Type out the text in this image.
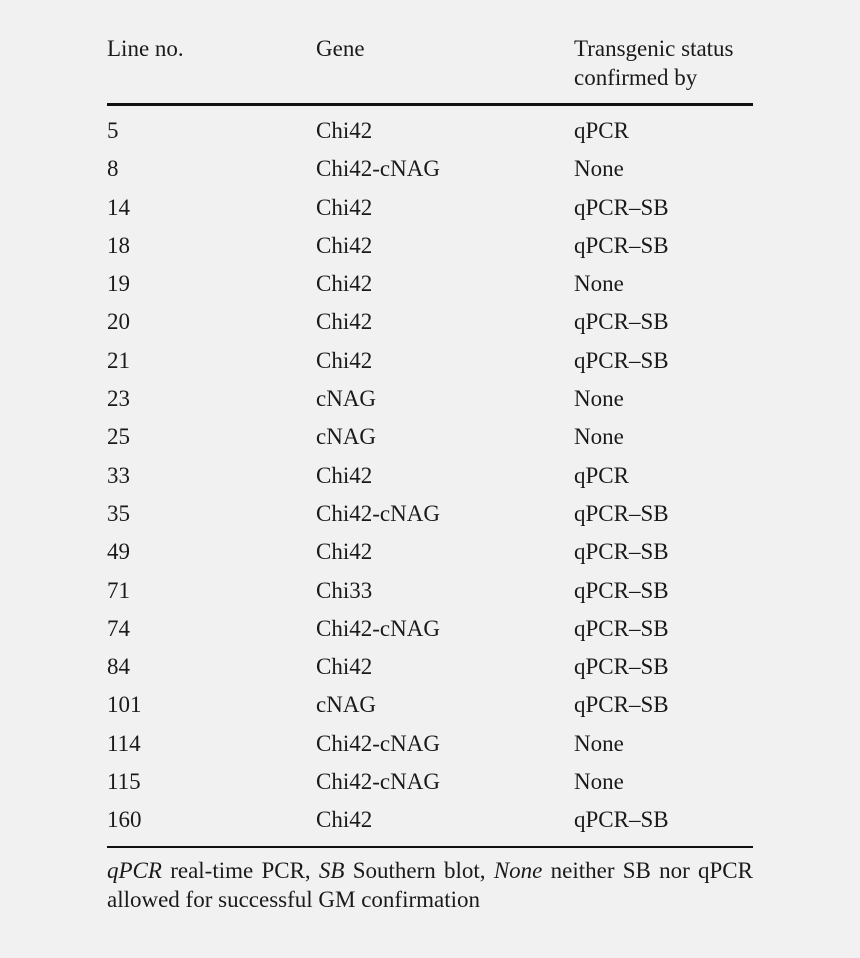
Line no.	Gene	Transgenic status
confirmed by
5	Chi42	qPCR
8	Chi42-cNAG	None
14	Chi42	qPCR–SB
18	Chi42	qPCR–SB
19	Chi42	None
20	Chi42	qPCR–SB
21	Chi42	qPCR–SB
23	cNAG	None
25	cNAG	None
33	Chi42	qPCR
35	Chi42-cNAG	qPCR–SB
49	Chi42	qPCR–SB
71	Chi33	qPCR–SB
74	Chi42-cNAG	qPCR–SB
84	Chi42	qPCR–SB
101	cNAG	qPCR–SB
114	Chi42-cNAG	None
115	Chi42-cNAG	None
160	Chi42	qPCR–SB
qPCR real-time PCR, SB Southern blot, None neither SB nor qPCR allowed for successful GM confirmation
